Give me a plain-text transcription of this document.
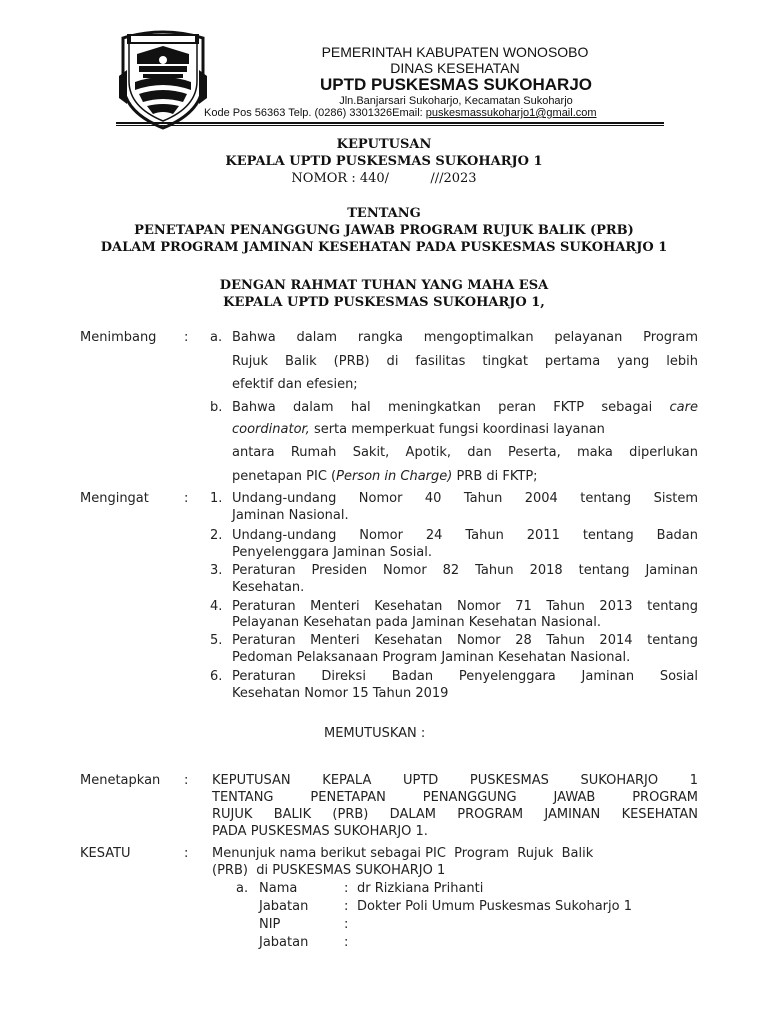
PEMERINTAH KABUPATEN WONOSOBO
DINAS KESEHATAN
UPTD PUSKESMAS SUKOHARJO
Jln.Banjarsari Sukoharjo, Kecamatan Sukoharjo
Kode Pos 56363 Telp. (0286) 3301326Email: puskesmassukoharjo1@gmail.com
KEPUTUSAN
KEPALA UPTD PUSKESMAS SUKOHARJO 1
NOMOR : 440/          ///2023
TENTANG
PENETAPAN PENANGGUNG JAWAB PROGRAM RUJUK BALIK (PRB)
DALAM PROGRAM JAMINAN KESEHATAN PADA PUSKESMAS SUKOHARJO 1
DENGAN RAHMAT TUHAN YANG MAHA ESA
KEPALA UPTD PUSKESMAS SUKOHARJO 1,
Menimbang : a. Bahwa dalam rangka mengoptimalkan pelayanan Program
Rujuk Balik (PRB) di fasilitas tingkat pertama yang lebih
efektif dan efesien;
b. Bahwa dalam hal meningkatkan peran FKTP sebagai care
coordinator, serta memperkuat fungsi koordinasi layanan
antara Rumah Sakit, Apotik, dan Peserta, maka diperlukan
penetapan PIC (Person in Charge) PRB di FKTP;
Mengingat	: 1. Undang-undang Nomor 40 Tahun 2004 tentang Sistem
Jaminan Nasional.
2. Undang-undang Nomor 24 Tahun 2011 tentang Badan
Penyelenggara Jaminan Sosial.
3. Peraturan Presiden Nomor 82 Tahun 2018 tentang Jaminan
Kesehatan.
4. Peraturan Menteri Kesehatan Nomor 71 Tahun 2013 tentang
Pelayanan Kesehatan pada Jaminan Kesehatan Nasional.
5. Peraturan Menteri Kesehatan Nomor 28 Tahun 2014 tentang
Pedoman Pelaksanaan Program Jaminan Kesehatan Nasional.
6. Peraturan Direksi Badan Penyelenggara Jaminan Sosial
Kesehatan Nomor 15 Tahun 2019
MEMUTUSKAN :
Menetapkan : KEPUTUSAN KEPALA UPTD PUSKESMAS SUKOHARJO 1
TENTANG PENETAPAN PENANGGUNG JAWAB PROGRAM
RUJUK BALIK (PRB) DALAM PROGRAM JAMINAN KESEHATAN
PADA PUSKESMAS SUKOHARJO 1.
KESATU	: Menunjuk nama berikut sebagai PIC  Program  Rujuk  Balik
(PRB)  di PUSKESMAS SUKOHARJO 1
a. Nama	: dr Rizkiana Prihanti
Jabatan	: Dokter Poli Umum Puskesmas Sukoharjo 1
NIP	:
Jabatan	:
